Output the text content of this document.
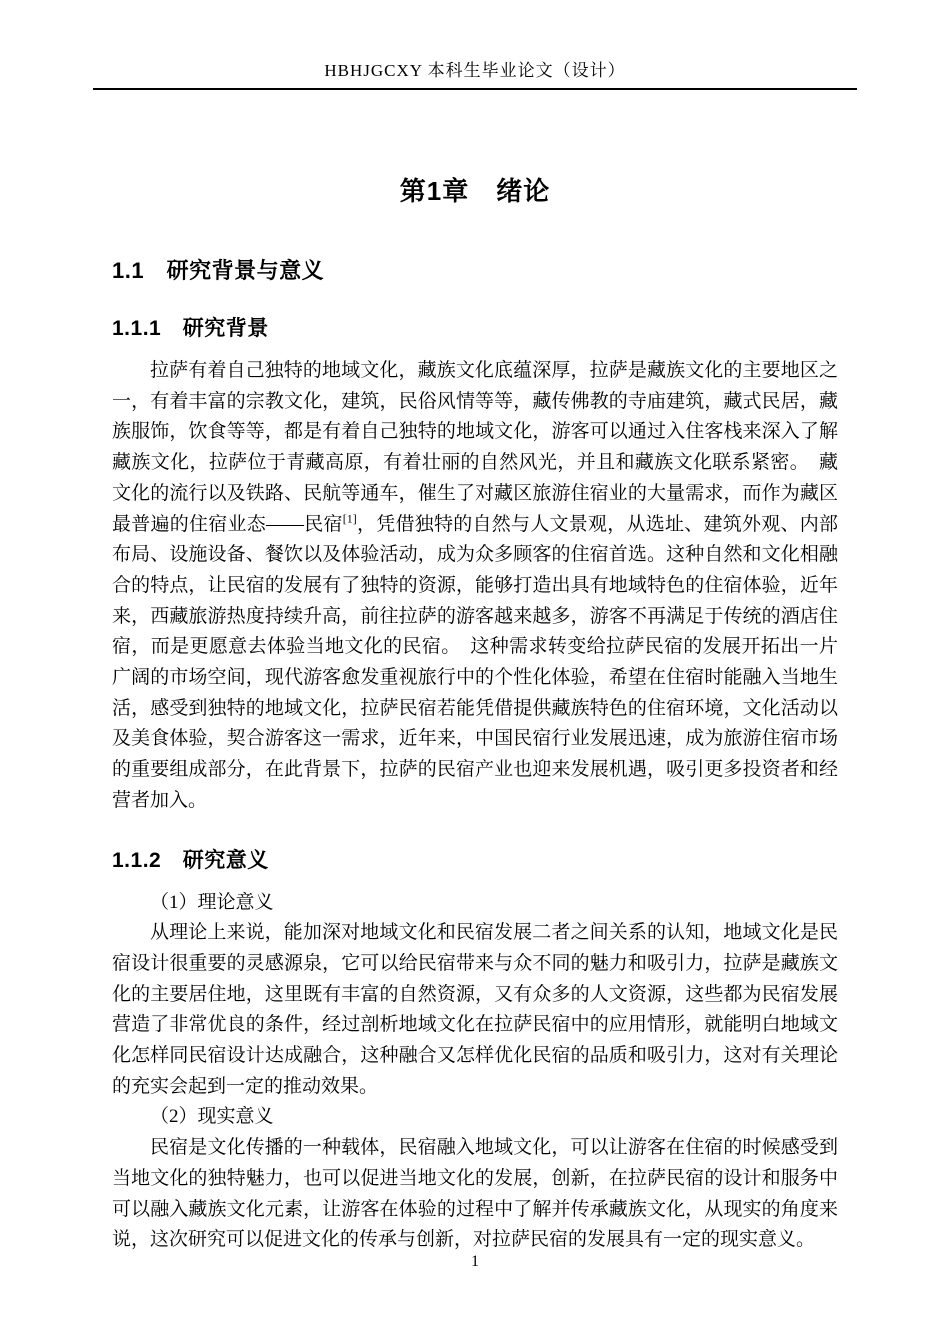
HBHJGCXY 本科生毕业论文（设计）
第1章　绪论
1.1　研究背景与意义
1.1.1　研究背景

拉萨有着自己独特的地域文化，藏族文化底蕴深厚，拉萨是藏族文化的主要地区之一，有着丰富的宗教文化，建筑，民俗风情等等，藏传佛教的寺庙建筑，藏式民居，藏族服饰，饮食等等，都是有着自己独特的地域文化，游客可以通过入住客栈来深入了解藏族文化，拉萨位于青藏高原，有着壮丽的自然风光，并且和藏族文化联系紧密。　藏文化的流行以及铁路、民航等通车，催生了对藏区旅游住宿业的大量需求，而作为藏区最普遍的住宿业态——民宿[1]，凭借独特的自然与人文景观，从选址、建筑外观、内部布局、设施设备、餐饮以及体验活动，成为众多顾客的住宿首选。这种自然和文化相融合的特点，让民宿的发展有了独特的资源，能够打造出具有地域特色的住宿体验，近年来，西藏旅游热度持续升高，前往拉萨的游客越来越多，游客不再满足于传统的酒店住宿，而是更愿意去体验当地文化的民宿。　这种需求转变给拉萨民宿的发展开拓出一片广阔的市场空间，现代游客愈发重视旅行中的个性化体验，希望在住宿时能融入当地生活，感受到独特的地域文化，拉萨民宿若能凭借提供藏族特色的住宿环境，文化活动以及美食体验，契合游客这一需求，近年来，中国民宿行业发展迅速，成为旅游住宿市场的重要组成部分，在此背景下，拉萨的民宿产业也迎来发展机遇，吸引更多投资者和经营者加入。

1.1.2　研究意义

（1）理论意义

从理论上来说，能加深对地域文化和民宿发展二者之间关系的认知，地域文化是民宿设计很重要的灵感源泉，它可以给民宿带来与众不同的魅力和吸引力，拉萨是藏族文化的主要居住地，这里既有丰富的自然资源，又有众多的人文资源，这些都为民宿发展营造了非常优良的条件，经过剖析地域文化在拉萨民宿中的应用情形，就能明白地域文化怎样同民宿设计达成融合，这种融合又怎样优化民宿的品质和吸引力，这对有关理论的充实会起到一定的推动效果。

（2）现实意义

民宿是文化传播的一种载体，民宿融入地域文化，可以让游客在住宿的时候感受到当地文化的独特魅力，也可以促进当地文化的发展，创新，在拉萨民宿的设计和服务中可以融入藏族文化元素，让游客在体验的过程中了解并传承藏族文化，从现实的角度来说，这次研究可以促进文化的传承与创新，对拉萨民宿的发展具有一定的现实意义。

1
